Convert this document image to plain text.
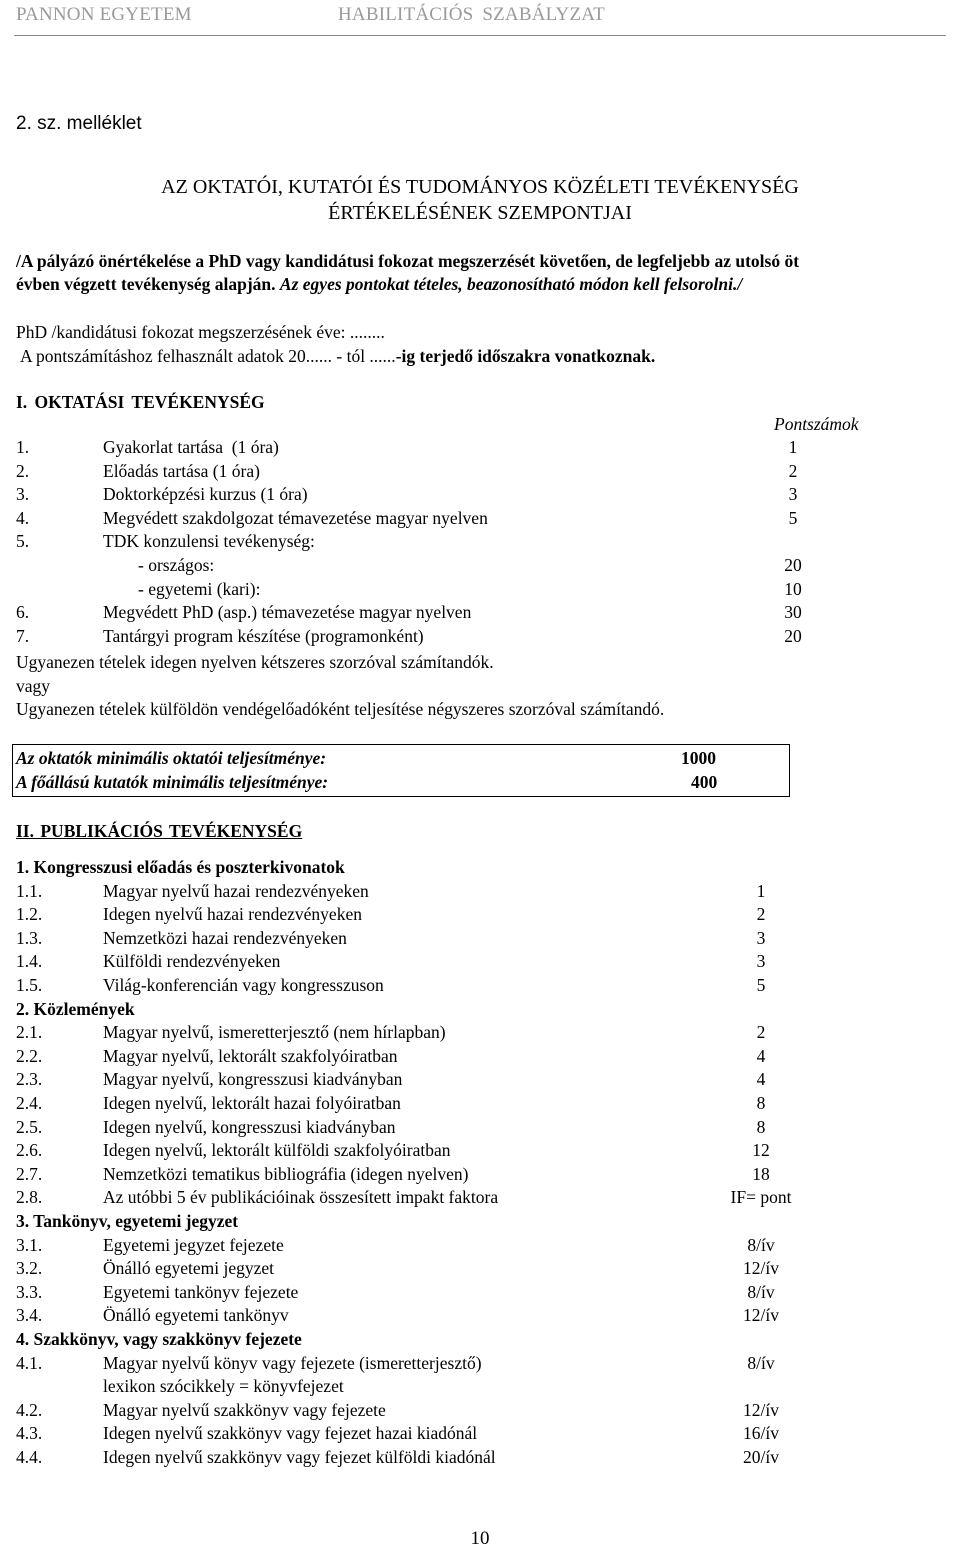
PANNON EGYETEM	HABILITÁCIÓS SZABÁLYZAT
2. sz. melléklet
AZ OKTATÓI, KUTATÓI ÉS TUDOMÁNYOS KÖZÉLETI TEVÉKENYSÉG
ÉRTÉKELÉSÉNEK SZEMPONTJAI
/A pályázó önértékelése a PhD vagy kandidátusi fokozat megszerzését követően, de legfeljebb az utolsó öt
évben végzett tevékenység alapján. Az egyes pontokat tételes, beazonosítható módon kell felsorolni./
PhD /kandidátusi fokozat megszerzésének éve: ........
A pontszámításhoz felhasznált adatok 20...... - tól ......-ig terjedő időszakra vonatkoznak.
I. OKTATÁSI TEVÉKENYSÉG
Pontszámok
1.	Gyakorlat tartása  (1 óra)	1
2.	Előadás tartása (1 óra)	2
3.	Doktorképzési kurzus (1 óra)	3
4.	Megvédett szakdolgozat témavezetése magyar nyelven	5
5.	TDK konzulensi tevékenység:
- országos:	20
- egyetemi (kari):	10
6.	Megvédett PhD (asp.) témavezetése magyar nyelven	30
7.	Tantárgyi program készítése (programonként)	20
Ugyanezen tételek idegen nyelven kétszeres szorzóval számítandók.
vagy
Ugyanezen tételek külföldön vendégelőadóként teljesítése négyszeres szorzóval számítandó.
Az oktatók minimális oktatói teljesítménye:	1000
A főállású kutatók minimális teljesítménye:	400
II. PUBLIKÁCIÓS TEVÉKENYSÉG
1. Kongresszusi előadás és poszterkivonatok
1.1.	Magyar nyelvű hazai rendezvényeken	1
1.2.	Idegen nyelvű hazai rendezvényeken	2
1.3.	Nemzetközi hazai rendezvényeken	3
1.4.	Külföldi rendezvényeken	3
1.5.	Világ-konferencián vagy kongresszuson	5
2. Közlemények
2.1.	Magyar nyelvű, ismeretterjesztő (nem hírlapban)	2
2.2.	Magyar nyelvű, lektorált szakfolyóiratban	4
2.3.	Magyar nyelvű, kongresszusi kiadványban	4
2.4.	Idegen nyelvű, lektorált hazai folyóiratban	8
2.5.	Idegen nyelvű, kongresszusi kiadványban	8
2.6.	Idegen nyelvű, lektorált külföldi szakfolyóiratban	12
2.7.	Nemzetközi tematikus bibliográfia (idegen nyelven)	18
2.8.	Az utóbbi 5 év publikációinak összesített impakt faktora	IF= pont
3. Tankönyv, egyetemi jegyzet
3.1.	Egyetemi jegyzet fejezete	8/ív
3.2.	Önálló egyetemi jegyzet	12/ív
3.3.	Egyetemi tankönyv fejezete	8/ív
3.4.	Önálló egyetemi tankönyv	12/ív
4. Szakkönyv, vagy szakkönyv fejezete
4.1.	Magyar nyelvű könyv vagy fejezete (ismeretterjesztő)	8/ív
lexikon szócikkely = könyvfejezet
4.2.	Magyar nyelvű szakkönyv vagy fejezete	12/ív
4.3.	Idegen nyelvű szakkönyv vagy fejezet hazai kiadónál	16/ív
4.4.	Idegen nyelvű szakkönyv vagy fejezet külföldi kiadónál	20/ív
10
